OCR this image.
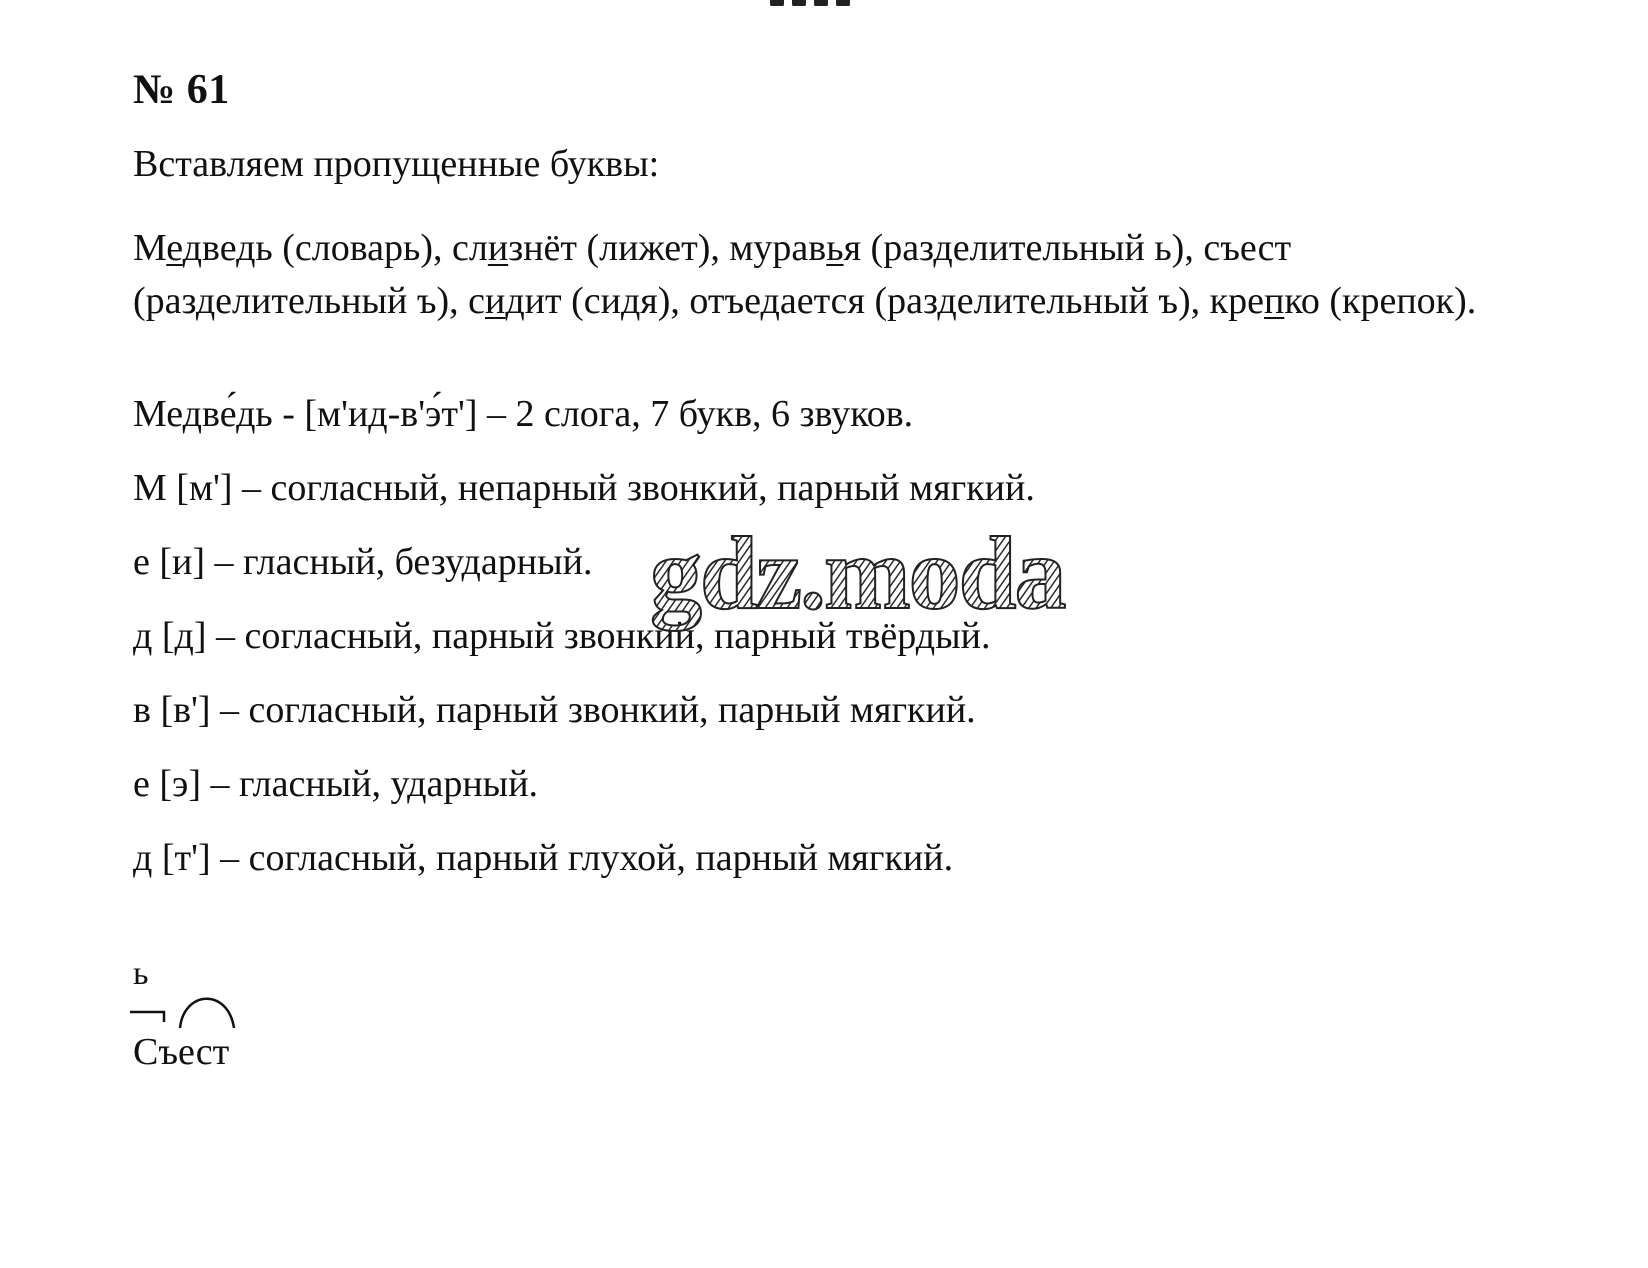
№ 61
Вставляем пропущенные буквы:
Медведь (словарь), слизнёт (лижет), муравья (разделительный ь), съест (разделительный ъ), сидит (сидя), отъедается (разделительный ъ), крепко (крепок).
Медве́дь - [м'ид-в'э́т'] – 2 слога, 7 букв, 6 звуков.
М [м'] – согласный, непарный звонкий, парный мягкий.
е [и] – гласный, безударный.
д [д] – согласный, парный звонкий, парный твёрдый.
в [в'] – согласный, парный звонкий, парный мягкий.
е [э] – гласный, ударный.
д [т'] – согласный, парный глухой, парный мягкий.
ь
Съест
gdz.moda
